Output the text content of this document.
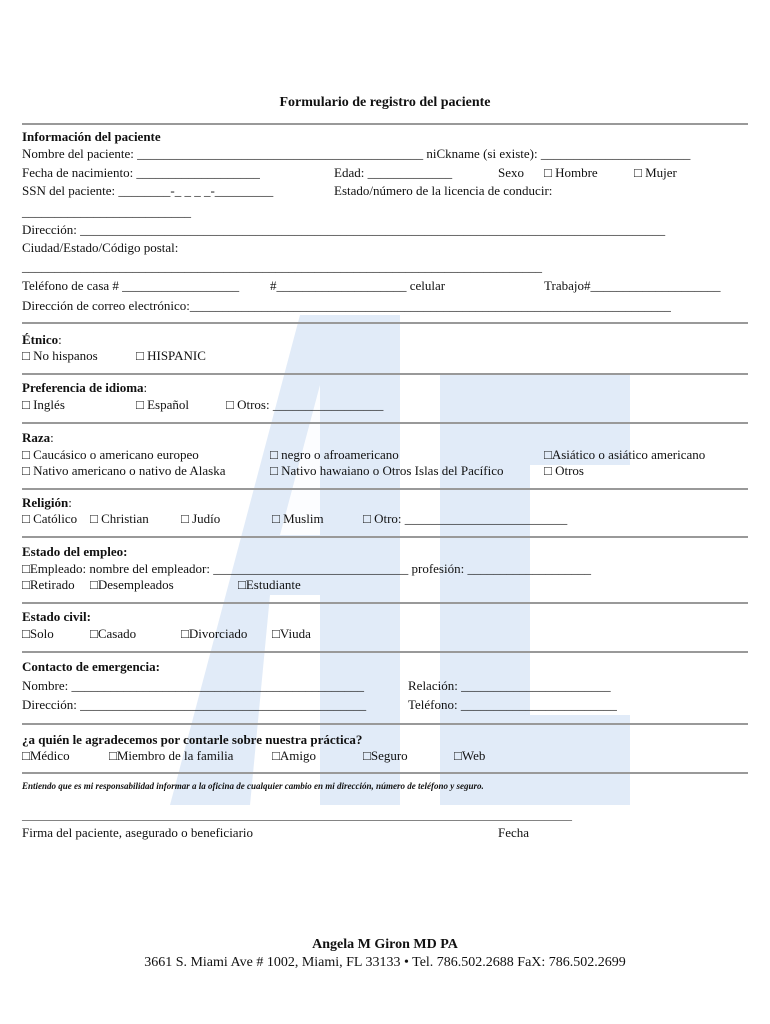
Formulario de registro del paciente
Información del paciente
Nombre del paciente: ____________________________________________ niCkname (si existe): _______________________
Fecha de nacimiento: ___________________	Edad: _____________	Sexo □ Hombre	□ Mujer
SSN del paciente: ________-_ _ _ _-_________	Estado/número de la licencia de conducir:
__________________________
Dirección: __________________________________________________________________________________________
Ciudad/Estado/Código postal:
________________________________________________________________________________
Teléfono de casa # __________________ #____________________ celular	Trabajo#____________________
Dirección de correo electrónico:__________________________________________________________________________
Étnico:
□ No hispanos	□ HISPANIC
Preferencia de idioma:
□ Inglés	□ Español	□ Otros: _________________
Raza:
□ Caucásico o americano europeo	□ negro o afroamericano	□Asiático o asiático americano
□ Nativo americano o nativo de Alaska	□ Nativo hawaiano o Otros Islas del Pacífico	□ Otros
Religión:
□ Católico □ Christian □ Judío	□ Muslim	□ Otro: _________________________
Estado del empleo:
□Empleado: nombre del empleador: ______________________________ profesión: ___________________
□Retirado □Desempleados	□Estudiante
Estado civil:
□Solo	□Casado	□Divorciado □Viuda
Contacto de emergencia:
Nombre: _____________________________________________	Relación: _______________________
Dirección: ____________________________________________	Teléfono: ________________________
¿a quién le agradecemos por contarle sobre nuestra práctica?
□Médico	□Miembro de la familia	□Amigo	□Seguro	□Web
Entiendo que es mi responsabilidad informar a la oficina de cualquier cambio en mi dirección, número de teléfono y seguro.
____________________________________________________________________________________________________
Firma del paciente, asegurado o beneficiario	Fecha
Angela M Giron MD PA
3661 S. Miami Ave # 1002, Miami, FL 33133 • Tel. 786.502.2688 FaX: 786.502.2699
